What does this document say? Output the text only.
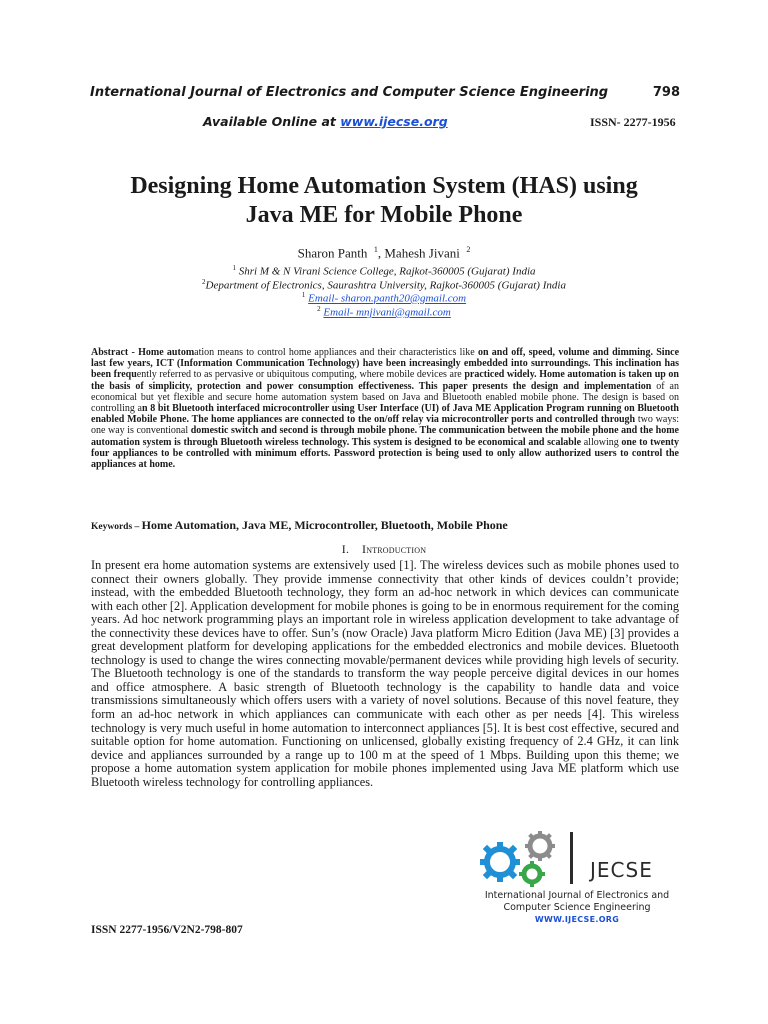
International Journal of Electronics and Computer Science Engineering	798
Available Online at www.ijecse.org	ISSN- 2277-1956
Designing Home Automation System (HAS) using
Java ME for Mobile Phone
Sharon Panth $^1$, Mahesh Jivani $^2$
$^1$ Shri M & N Virani Science College, Rajkot-360005 (Gujarat) India
$^2$Department of Electronics, Saurashtra University, Rajkot-360005 (Gujarat) India
$^1$ Email- sharon.panth20@gmail.com
$^2$ Email- mnjivani@gmail.com
Abstract - Home automation means to control home appliances and their characteristics like on and off, speed, volume and dimming. Since last few years, ICT (Information Communication Technology) have been increasingly embedded into surroundings. This inclination has been frequently referred to as pervasive or ubiquitous computing, where mobile devices are practiced widely. Home automation is taken up on the basis of simplicity, protection and power consumption effectiveness. This paper presents the design and implementation of an economical but yet flexible and secure home automation system based on Java and Bluetooth enabled mobile phone. The design is based on controlling an 8 bit Bluetooth interfaced microcontroller using User Interface (UI) of Java ME Application Program running on Bluetooth enabled Mobile Phone. The home appliances are connected to the on/off relay via microcontroller ports and controlled through two ways: one way is conventional domestic switch and second is through mobile phone. The communication between the mobile phone and the home automation system is through Bluetooth wireless technology. This system is designed to be economical and scalable allowing one to twenty four appliances to be controlled with minimum efforts. Password protection is being used to only allow authorized users to control the appliances at home.
Keywords – Home Automation, Java ME, Microcontroller, Bluetooth, Mobile Phone
I. Introduction
In present era home automation systems are extensively used [1]. The wireless devices such as mobile phones used to connect their owners globally. They provide immense connectivity that other kinds of devices couldn’t provide; instead, with the embedded Bluetooth technology, they form an ad-hoc network in which devices can communicate with each other [2]. Application development for mobile phones is going to be in enormous requirement for the coming years. Ad hoc network programming plays an important role in wireless application development to take advantage of the connectivity these devices have to offer. Sun’s (now Oracle) Java platform Micro Edition (Java ME) [3] provides a great development platform for developing applications for the embedded electronics and mobile devices. Bluetooth technology is used to change the wires connecting movable/permanent devices while providing high levels of security. The Bluetooth technology is one of the standards to transform the way people perceive digital devices in our homes and office atmosphere. A basic strength of Bluetooth technology is the capability to handle data and voice transmissions simultaneously which offers users with a variety of novel solutions. Because of this novel feature, they form an ad-hoc network in which appliances can communicate with each other as per needs [4]. This wireless technology is very much useful in home automation to interconnect appliances [5]. It is best cost effective, secured and suitable option for home automation. Functioning on unlicensed, globally existing frequency of 2.4 GHz, it can link device and appliances surrounded by a range up to 100 m at the speed of 1 Mbps. Building upon this theme; we propose a home automation system application for mobile phones implemented using Java ME platform which use Bluetooth wireless technology for controlling appliances.
JECSE
International Journal of Electronics and
Computer Science Engineering
WWW.IJECSE.ORG
ISSN 2277-1956/V2N2-798-807
